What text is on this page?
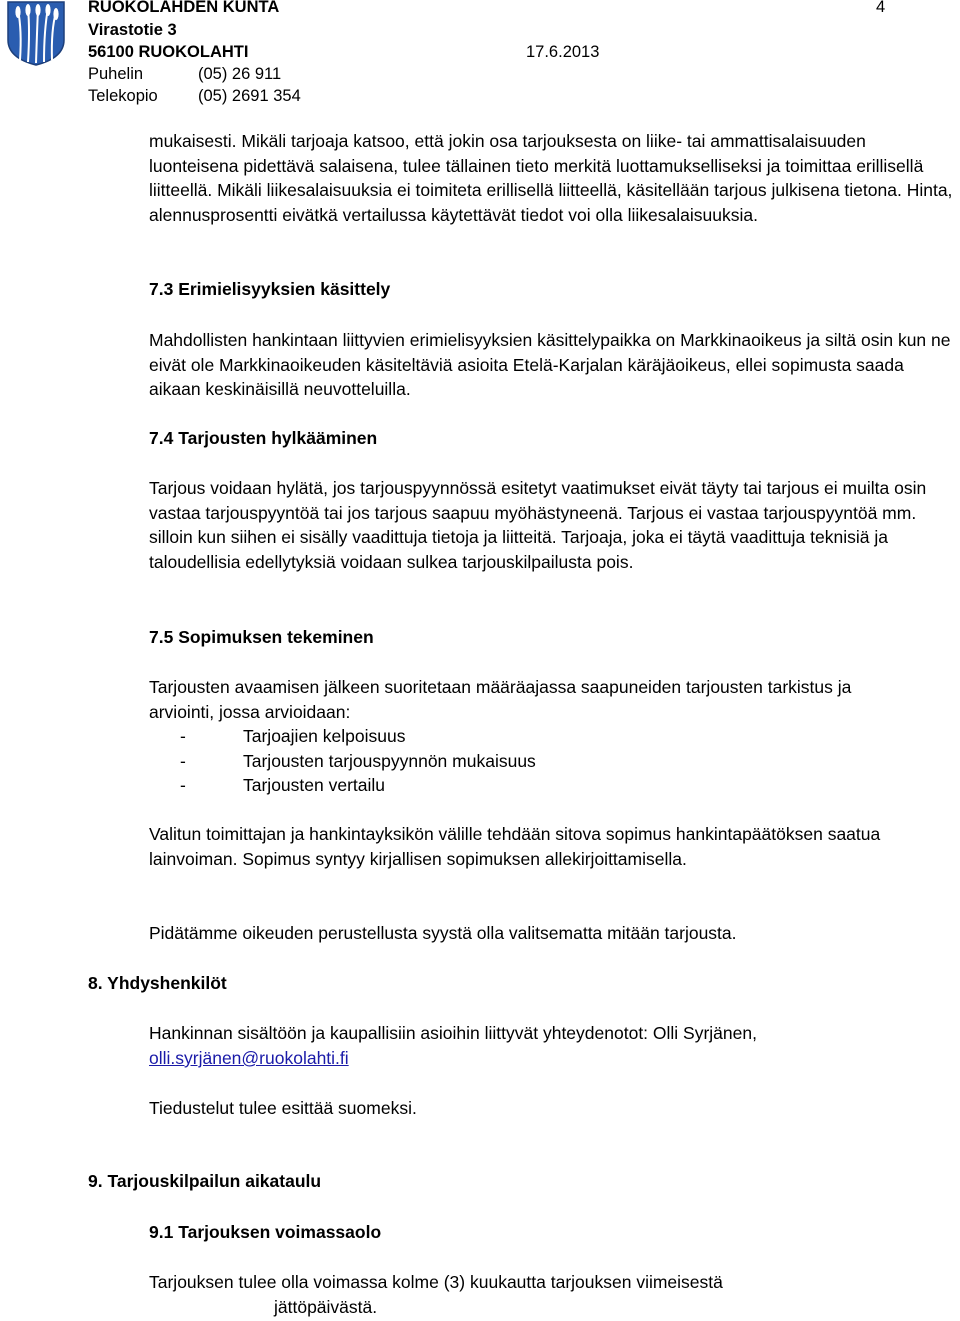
RUOKOLAHDEN KUNTA	4
Virastotie 3
56100 RUOKOLAHTI	17.6.2013
Puhelin	(05) 26 911
Telekopio (05) 2691 354

mukaisesti. Mikäli tarjoaja katsoo, että jokin osa tarjouksesta on liike- tai ammattisalaisuuden luonteisena pidettävä salaisena, tulee tällainen tieto merkitä luottamukselliseksi ja toimittaa erillisellä liitteellä. Mikäli liikesalaisuuksia ei toimiteta erillisellä liitteellä, käsitellään tarjous julkisena tietona. Hinta, alennusprosentti eivätkä vertailussa käytettävät tiedot voi olla liikesalaisuuksia.

7.3 Erimielisyyksien käsittely

Mahdollisten hankintaan liittyvien erimielisyyksien käsittelypaikka on Markkinaoikeus ja siltä osin kun ne eivät ole Markkinaoikeuden käsiteltäviä asioita Etelä-Karjalan käräjäoikeus, ellei sopimusta saada aikaan keskinäisillä neuvotteluilla.

7.4 Tarjousten hylkääminen

Tarjous voidaan hylätä, jos tarjouspyynnössä esitetyt vaatimukset eivät täyty tai tarjous ei muilta osin vastaa tarjouspyyntöä tai jos tarjous saapuu myöhästyneenä. Tarjous ei vastaa tarjouspyyntöä mm. silloin kun siihen ei sisälly vaadittuja tietoja ja liitteitä. Tarjoaja, joka ei täytä vaadittuja teknisiä ja taloudellisia edellytyksiä voidaan sulkea tarjouskilpailusta pois.

7.5 Sopimuksen tekeminen

Tarjousten avaamisen jälkeen suoritetaan määräajassa saapuneiden tarjousten tarkistus ja arviointi, jossa arvioidaan:

-	Tarjoajien kelpoisuus
-	Tarjousten tarjouspyynnön mukaisuus
-	Tarjousten vertailu

Valitun toimittajan ja hankintayksikön välille tehdään sitova sopimus hankintapäätöksen saatua lainvoiman. Sopimus syntyy kirjallisen sopimuksen allekirjoittamisella.

Pidätämme oikeuden perustellusta syystä olla valitsematta mitään tarjousta.

8. Yhdyshenkilöt

Hankinnan sisältöön ja kaupallisiin asioihin liittyvät yhteydenotot: Olli Syrjänen,

olli.syrjänen@ruokolahti.fi

Tiedustelut tulee esittää suomeksi.

9. Tarjouskilpailun aikataulu
9.1 Tarjouksen voimassaolo
Tarjouksen tulee olla voimassa kolme (3) kuukautta tarjouksen viimeisestä
jättöpäivästä.
